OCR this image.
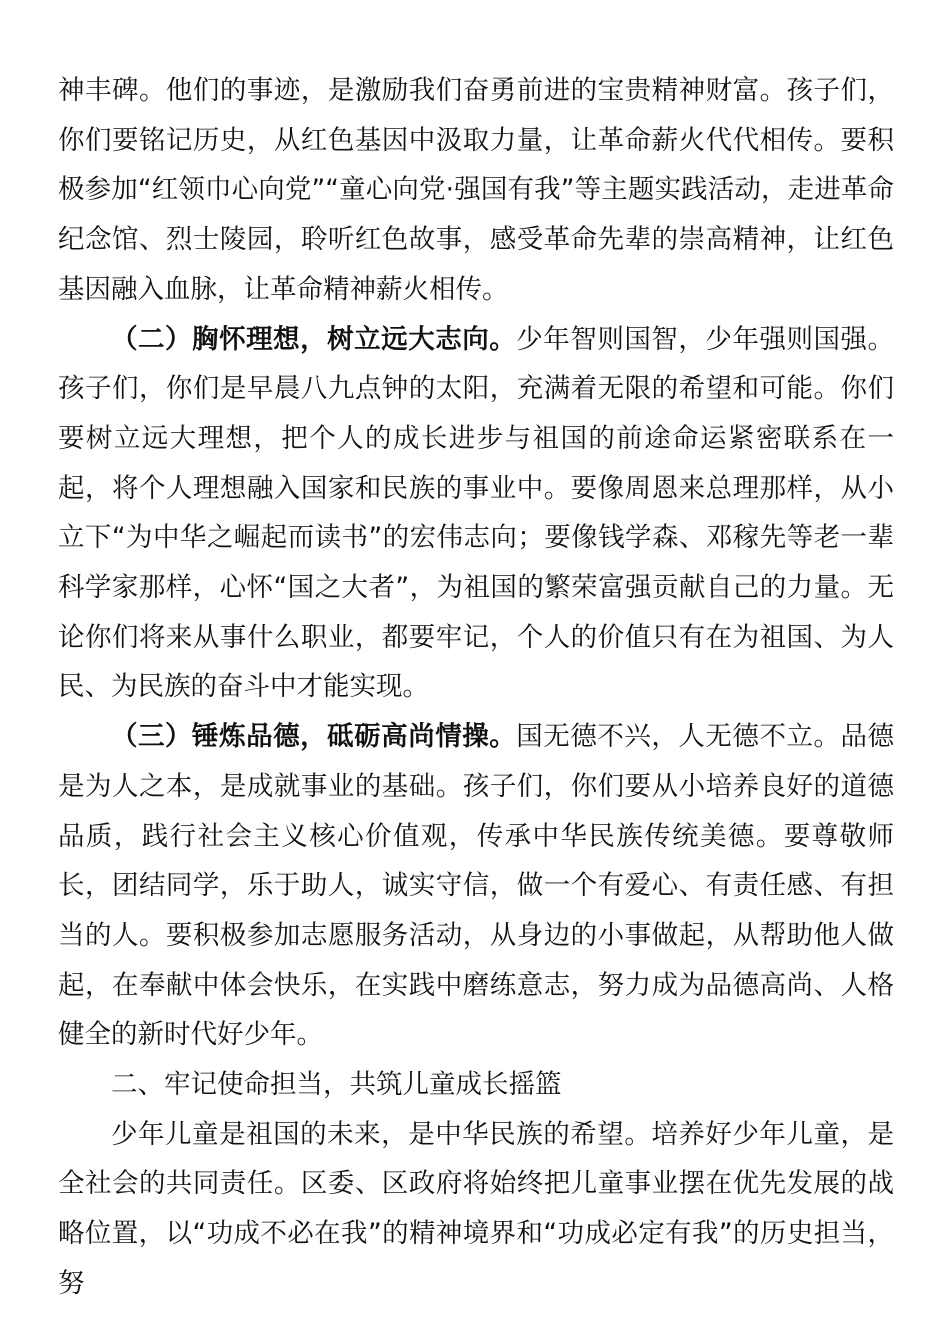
神丰碑。他们的事迹，是激励我们奋勇前进的宝贵精神财富。孩子们，你们要铭记历史，从红色基因中汲取力量，让革命薪火代代相传。要积极参加“红领巾心向党”“童心向党·强国有我”等主题实践活动，走进革命纪念馆、烈士陵园，聆听红色故事，感受革命先辈的崇高精神，让红色基因融入血脉，让革命精神薪火相传。

（二）胸怀理想，树立远大志向。少年智则国智，少年强则国强。孩子们，你们是早晨八九点钟的太阳，充满着无限的希望和可能。你们要树立远大理想，把个人的成长进步与祖国的前途命运紧密联系在一起，将个人理想融入国家和民族的事业中。要像周恩来总理那样，从小立下“为中华之崛起而读书”的宏伟志向；要像钱学森、邓稼先等老一辈科学家那样，心怀“国之大者”，为祖国的繁荣富强贡献自己的力量。无论你们将来从事什么职业，都要牢记，个人的价值只有在为祖国、为人民、为民族的奋斗中才能实现。

（三）锤炼品德，砥砺高尚情操。国无德不兴，人无德不立。品德是为人之本，是成就事业的基础。孩子们，你们要从小培养良好的道德品质，践行社会主义核心价值观，传承中华民族传统美德。要尊敬师长，团结同学，乐于助人，诚实守信，做一个有爱心、有责任感、有担当的人。要积极参加志愿服务活动，从身边的小事做起，从帮助他人做起，在奉献中体会快乐，在实践中磨练意志，努力成为品德高尚、人格健全的新时代好少年。

二、牢记使命担当，共筑儿童成长摇篮

少年儿童是祖国的未来，是中华民族的希望。培养好少年儿童，是全社会的共同责任。区委、区政府将始终把儿童事业摆在优先发展的战略位置，以“功成不必在我”的精神境界和“功成必定有我”的历史担当，努
